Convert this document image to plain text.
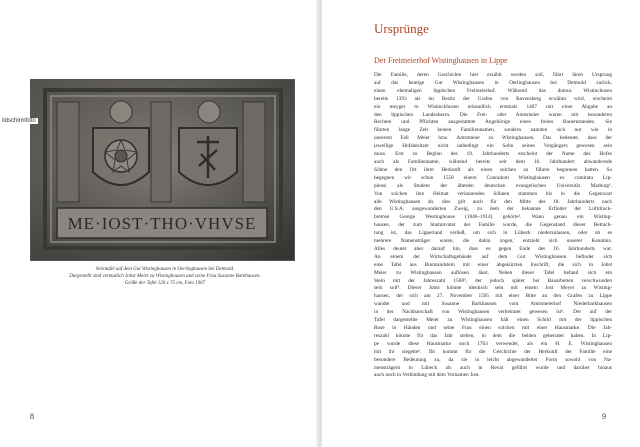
ME·IOST·THO·VHVSE
ildschirmfoto
Steintafel auf dem Gut Wistinghausen in Oerlinghausen bei Detmold.
Dargestellt sind vermutlich Jobst Meier zu Wistinghausen und seine Frau Susanne Barkhausen.
Größe der Tafel 120 x 75 cm, Foto 1967
8
Ursprünge
Der Freimeierhof Wistinghausen in Lippe
Die Familie, deren Geschichte hier erzählt werden soll, führt ihren Ursprung
auf das heutige Gut Wistinghausen in Oerlinghausen bei Detmold zurück,
einen ehemaligen lippischen Freimeierhof. Während das domus Wistinchusen
bereits 1393 als im Besitz der Grafen von Ravensberg erwähnt wird, erscheint
ein meyger to Wistinckhusen urkundlich erstmals 1467 mit einer Abgabe an
den lippischen Landesherrn. Die Frei- oder Amtsmeier waren mit besonderen
Rechten und Pflichten ausgestattete Angehörige eines freien Bauernstandes. Sie
führten lange Zeit keinen Familiennamen, sondern nannten sich nur wie in
unserem Fall Meier bzw. Amtsmeier zu Wistinghausen. Das bedeutet, dass der
jeweilige Hofsbesitzer nicht unbedingt ein Sohn seines Vorgängers gewesen sein
muss. Erst zu Beginn des 19. Jahrhunderts erscheint der Name des Hofes
auch als Familienname, während bereits seit dem 16. Jahrhundert abwandernde
Söhne den Ort ihrer Herkunft als einen solchen zu führen begonnen hatten. So
begegnen wir schon 1558 einem Conradum Wistinghausen ex comitatu Lip-
piensi als Student der ältesten deutschen evangelischen Universität Marburg¹.
Von solchen ihre Heimat verlassenden Söhnen stammen bis in die Gegenwart
alle Wistinghausen ab, dies gilt auch für den Mitte des 18. Jahrhunderts nach
den U.S.A. ausgewanderten Zweig, zu dem der bekannte Erfinder der Luftdruck-
bremse George Westinghouse (1846–1914) gehörte². Wann genau ein Wisting-
hausen, der zum Stammvater der Familie wurde, die Gegenstand dieser Betrach-
tung ist, das Lipperland verließ, um sich in Lübeck niederzulassen, oder ob es
mehrere Namensträger waren, die dahin zogen, entzieht sich unserer Kenntnis.
Alles deutet aber darauf hin, dass es gegen Ende des 16. Jahrhunderts war.
An einem der Wirtschaftsgebäude auf dem Gut Wistinghausen befindet sich
eine Tafel aus Buntsandstein mit einer abgekürzten Inschrift, die sich in Jobst
Meier zu Wistinghausen auflösen lässt. Neben dieser Tafel befand sich ein
Stein mit der Jahreszahl 1568³, der jedoch später bei Bauarbeiten verschwunden
sein soll⁴. Dieser Jobst könnte identisch sein mit einem Jost Meyer zu Wisting-
hausen, der sich am 27. November 1595 mit einer Bitte an den Grafen zu Lippe
wandte und mit Susanne Barkhausen vom Amtsmeierhof Niederbarkhausen
in der Nachbarschaft von Wistinghausen verheiratet gewesen ist⁵. Der auf der
Tafel dargestellte Meier zu Wistinghausen hält einen Schild mit der lippischen
Rose in Händen und seine Frau einen solchen mit einer Hausmarke. Die Jah-
reszahl könnte für das Jahr stehen, in dem die beiden geheiratet haben. In Lip-
pe wurde diese Hausmarke noch 1763 verwendet, als ein H. E. Wistinghausen
mit ihr siegelte⁶. Ihr kommt für die Geschichte der Herkunft der Familie eine
besondere Bedeutung zu, da sie in leicht abgewandelter Form sowohl von Na-
mensträgern in Lübeck als auch in Reval geführt wurde und darüber hinaus
auch noch in Verbindung mit dem Vornamen Jost.
9
